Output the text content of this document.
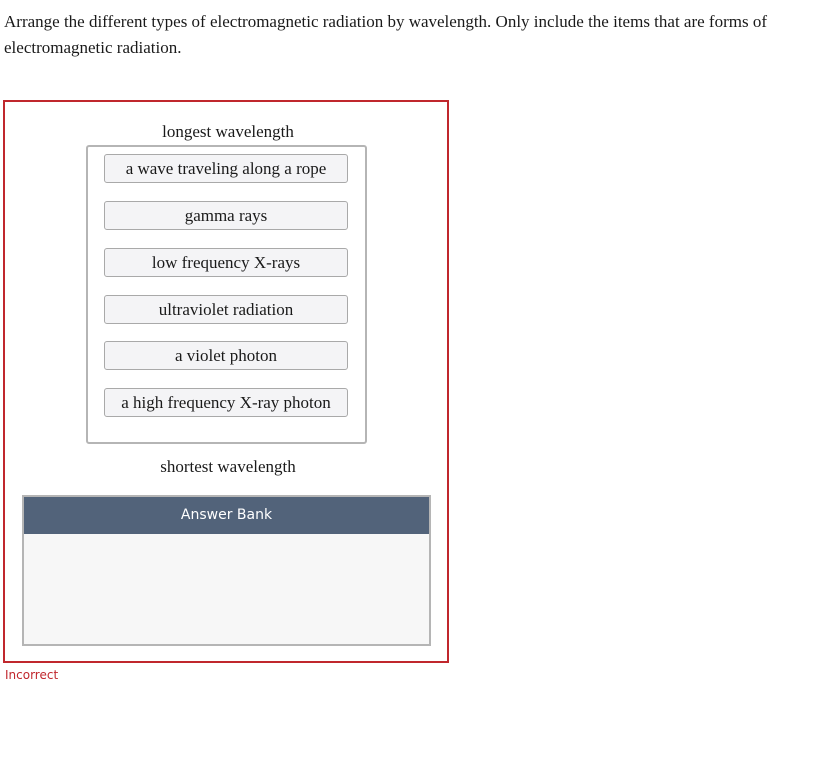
Arrange the different types of electromagnetic radiation by wavelength. Only include the items that are forms of electromagnetic radiation.

longest wavelength
a wave traveling along a rope
gamma rays
low frequency X-rays
ultraviolet radiation
a violet photon
a high frequency X-ray photon
shortest wavelength
Answer Bank
Incorrect
